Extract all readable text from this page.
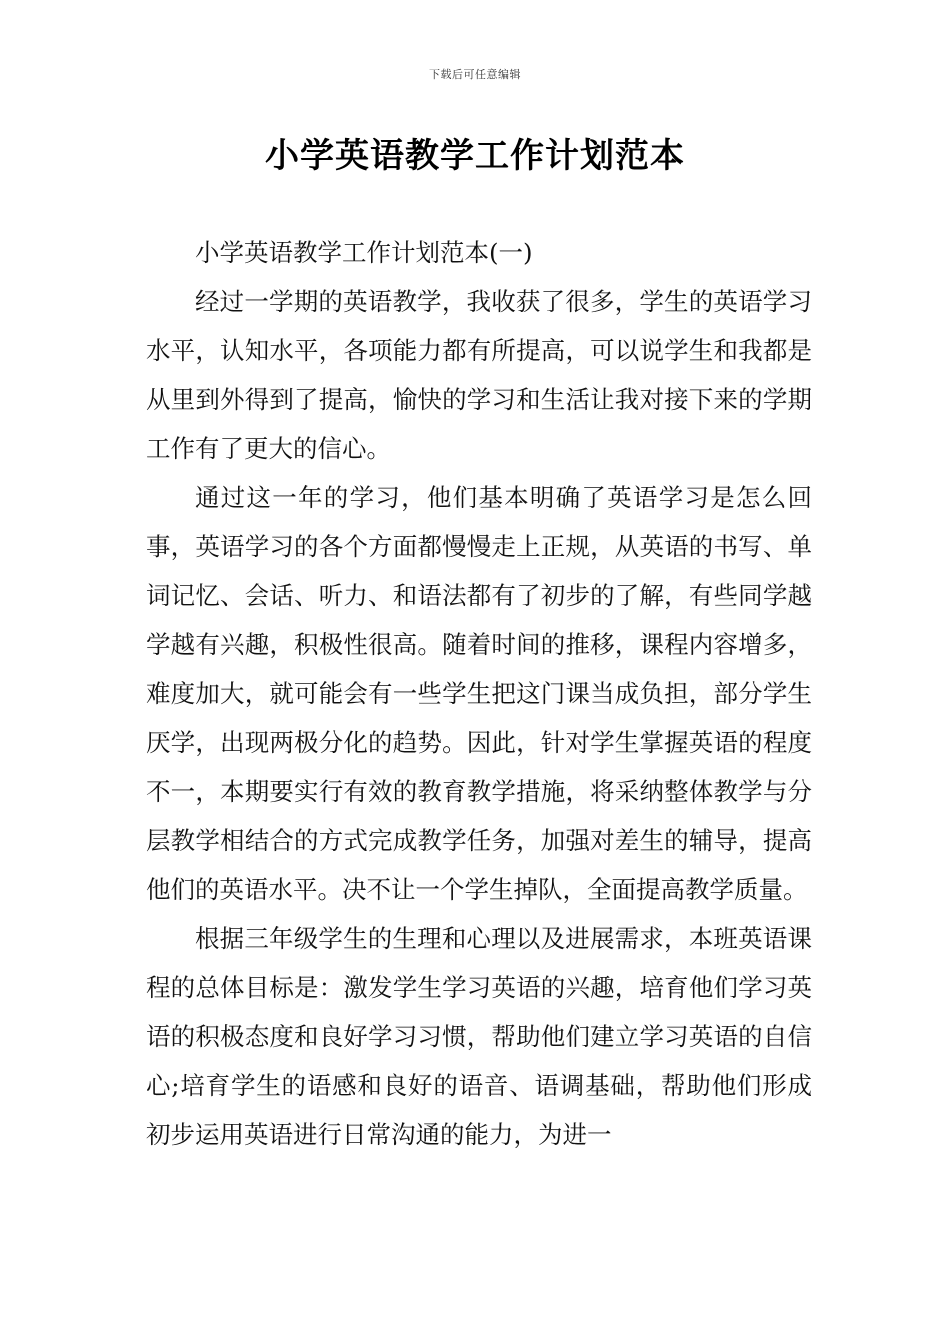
下载后可任意编辑
小学英语教学工作计划范本

小学英语教学工作计划范本(一)

经过一学期的英语教学，我收获了很多，学生的英语学习水平，认知水平，各项能力都有所提高，可以说学生和我都是从里到外得到了提高，愉快的学习和生活让我对接下来的学期工作有了更大的信心。

通过这一年的学习，他们基本明确了英语学习是怎么回事，英语学习的各个方面都慢慢走上正规，从英语的书写、单词记忆、会话、听力、和语法都有了初步的了解，有些同学越学越有兴趣，积极性很高。随着时间的推移，课程内容增多，难度加大，就可能会有一些学生把这门课当成负担，部分学生厌学，出现两极分化的趋势。因此，针对学生掌握英语的程度不一，本期要实行有效的教育教学措施，将采纳整体教学与分层教学相结合的方式完成教学任务，加强对差生的辅导，提高他们的英语水平。决不让一个学生掉队，全面提高教学质量。

根据三年级学生的生理和心理以及进展需求，本班英语课程的总体目标是：激发学生学习英语的兴趣，培育他们学习英语的积极态度和良好学习习惯，帮助他们建立学习英语的自信心;培育学生的语感和良好的语音、语调基础，帮助他们形成初步运用英语进行日常沟通的能力，为进一
